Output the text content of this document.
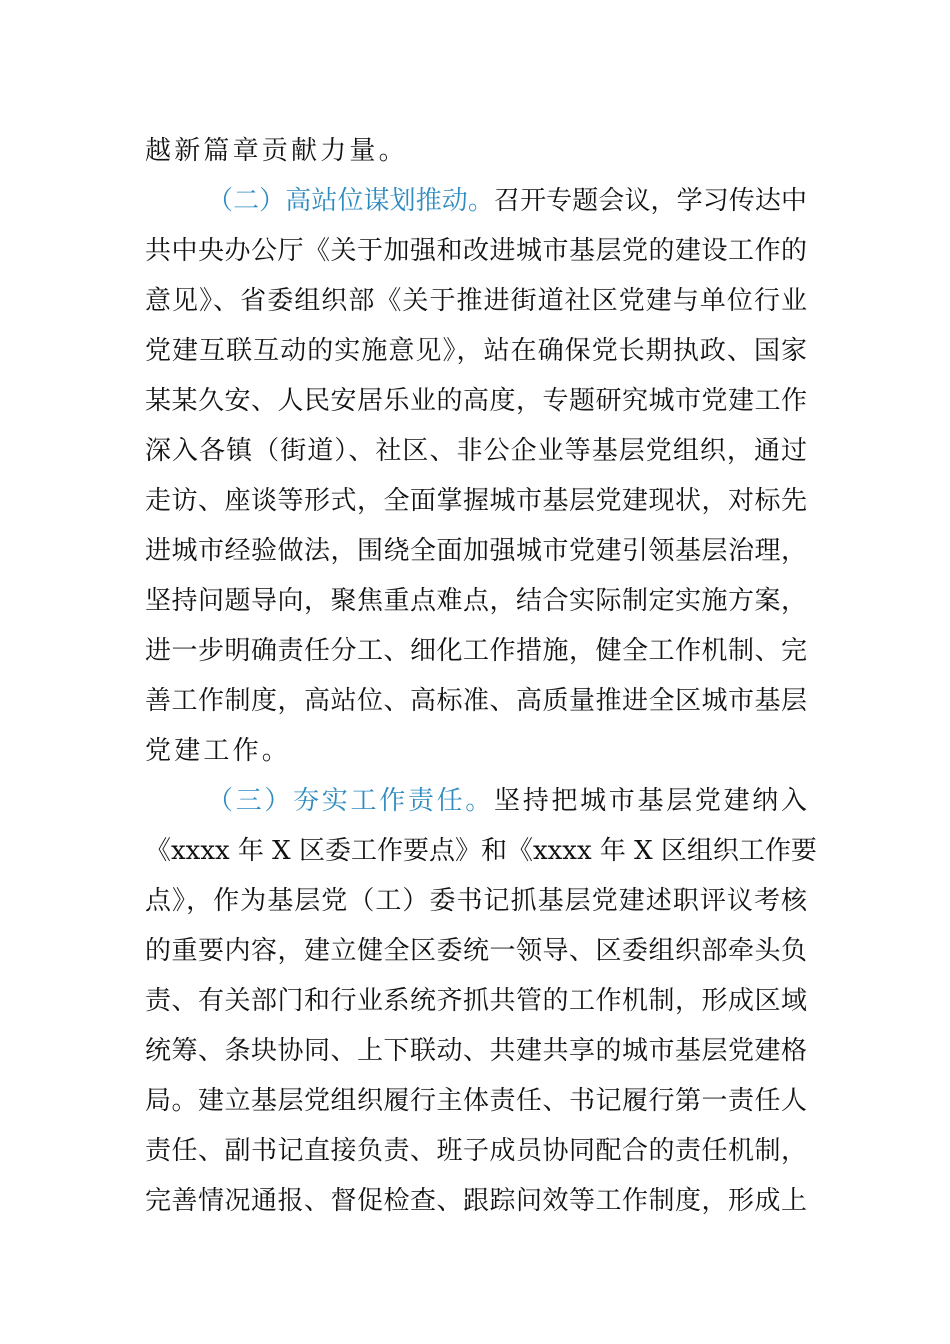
越新篇章贡献力量。
（二）高站位谋划推动。召开专题会议，学习传达中
共中央办公厅《关于加强和改进城市基层党的建设工作的
意见》、省委组织部《关于推进街道社区党建与单位行业
党建互联互动的实施意见》，站在确保党长期执政、国家
某某久安、人民安居乐业的高度，专题研究城市党建工作
深入各镇（街道）、社区、非公企业等基层党组织，通过
走访、座谈等形式，全面掌握城市基层党建现状，对标先
进城市经验做法，围绕全面加强城市党建引领基层治理，
坚持问题导向，聚焦重点难点，结合实际制定实施方案，
进一步明确责任分工、细化工作措施，健全工作机制、完
善工作制度，高站位、高标准、高质量推进全区城市基层
党建工作。
（三）夯实工作责任。坚持把城市基层党建纳入
《xxxx 年 X 区委工作要点》和《xxxx 年 X 区组织工作要
点》，作为基层党（工）委书记抓基层党建述职评议考核
的重要内容，建立健全区委统一领导、区委组织部牵头负
责、有关部门和行业系统齐抓共管的工作机制，形成区域
统筹、条块协同、上下联动、共建共享的城市基层党建格
局。建立基层党组织履行主体责任、书记履行第一责任人
责任、副书记直接负责、班子成员协同配合的责任机制，
完善情况通报、督促检查、跟踪问效等工作制度，形成上
